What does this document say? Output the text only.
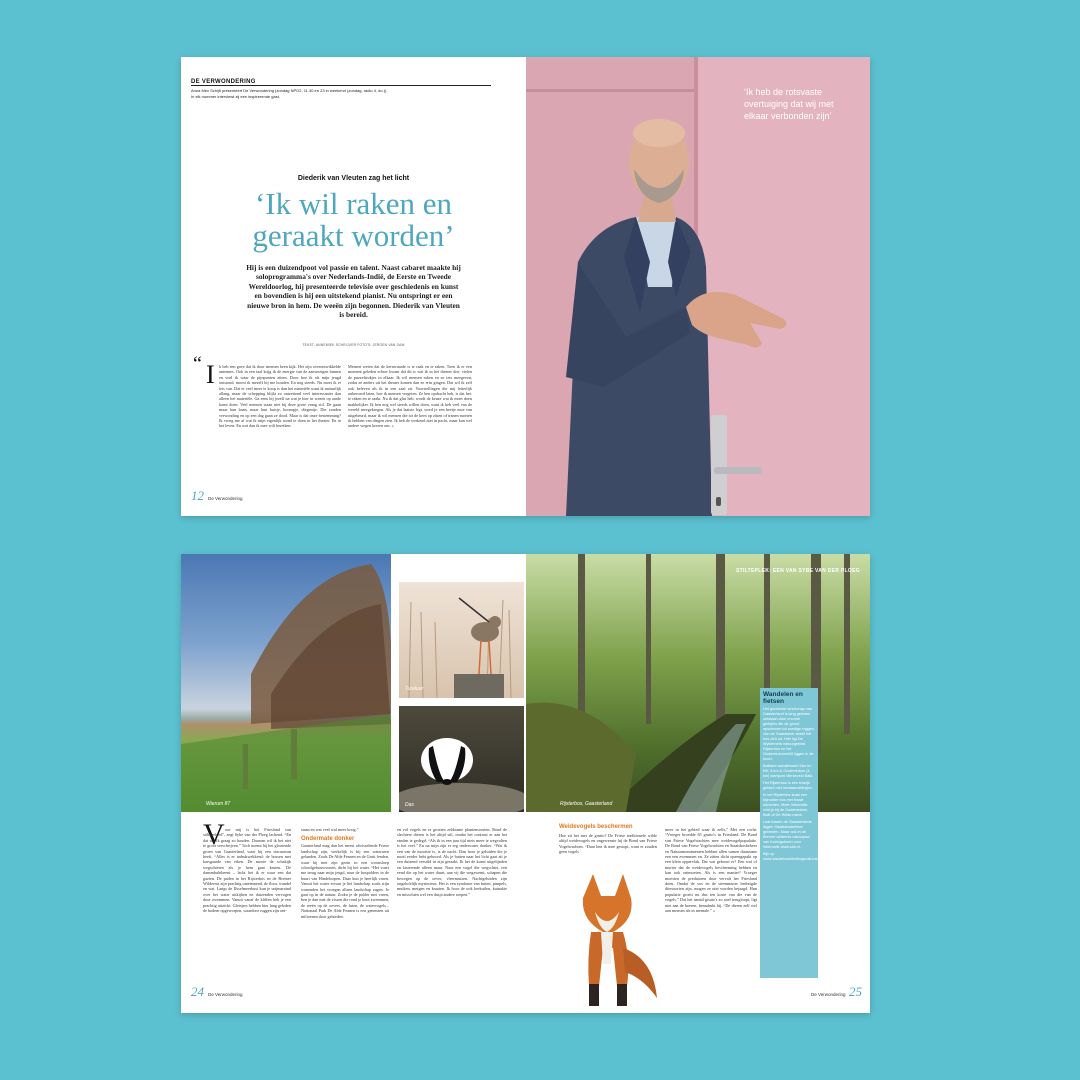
DE VERWONDERING
Anna Mex Schijlt presenteert De Verwondering (zondag NPO2, 11.30 en 23 in weekend (zondag, radio 4, do.)).
In elk nummer interviewt zij een inspirerende gast.
Diederik van Vleuten zag het licht
‘Ik wil raken en
geraakt worden’
Hij is een duizendpoot vol passie en talent. Naast cabaret maakte hij soloprogramma's over Nederlands-Indië, de Eerste en Tweede Wereldoorlog, hij presenteerde televisie over geschiedenis en kunst en bovendien is hij een uitstekend pianist. Nu ontspringt er een nieuwe bron in hem. De weeën zijn begonnen. Diederik van Vleuten is bereid.
TEKST: ANNEMIEK SCHRIJVER FOTO'S: JEROEN VAN DAM
“ I k heb een gave dat ik door mensen heen kijk. Het zijn overontwikkelde antennes. Ook in een taal krijg ik de energie van de aanwezigen binnen en voel ik waar de pijnpunten zitten. Door hoe ik als mijn jeugd ontstond, moest ik mezelf bij me houden. En nog steeds. Nu moet ik er iets van. Dat er veel meer te koop is dan het materiële want ik natuurlijk allang, maar de schepping blijkt zo ontzettend veel interessanter dan alleen het materiële. Ga eens bij jezelf na wat je hier in wezen op aarde komt doen. Veel mensen staan niet bij deze grote vraag stil. De gaan maar hun baan, maar hun huisje, boompje, diegentje. Die zouden verwonding en op een dag gaan ze dood. Maar is dat onze bestemming? Ik vroeg me af wat ik mijn eigenlijk stond te doen in het theater. En in het leven. En wat dan ik mee wilt bereiken.

Mensen weten dat de kernwaarde is te raak en te raken. Toen ik er een moment geleden echter kwam dat dit is wat ik in het theater doe, vielen de puzzelstukjes in elkaar. Ik wil mensen raken en ze iets meegeven, zodat ze anders uit het theater komen dan ze erin gingen. Dat wil ik zelf ook beleven als ik in een zaal zit. Voorstellingen die mij letterlijk onberoerd laten, hoe ik mensen vergeten. Ze ben opdracht heb, is dat het: te raken en te raakt. Nu ik dat glas heb, wordt de keuze wat ik moet doen makkelijker. Ik ben nog wel steeds willen doen, want ik heb veel van de wereld meegekregen. Als je dat laatste legt, word je een beetje moe van uitgebeurd, maar ik wil mensen die tot de kern op zitten of tranen moeten ik hebben van dingen zien. Ik heb de werkend niet in pacht, maar kan wel andere wegen kiezen om. »

12 De Verwondering
‘Ik heb de rotsvaste overtuiging dat wij met elkaar verbonden zijn’
Wierum 87
Tureluur
Das
STILTEPLEK: EEN VAN SYBE VAN DER PLOEG
Rijsterbos, Gaasterland
V oor mij is het Friesland van stiltegebied”, zegt Sybe van der Ploeg lachend. “En dat wil ik graag zo houden. Daarom wil ik het niet te groot verschrijven.” Toch noemt hij het glooiende groen van Gaasterland, waar hij een stacaravan heeft. “Alles is er indrukwekkend: de bossen met karsgaarde van eiken. De mooie de schakijk wegschieten als je hem gaat kruien. De dansmbuhtbeent – lacht het ik er waar een dat gazien. De paden in het Rijsterbos en de Bremer Wildernis zijn prachtig omeennend, de flora, wandel en wat. Langs de IJsselmeerkust kun je urijmaraind over het water uitkijken en duizenden vervogen door zwemmen. Vanuit vanaf de kliffen heb je een prachtig uitzicht. Gletsjers hebben hier lang geleden de bodem opgeworpen, waardoor ruggen zijn ont-

staan en wat veel wal meer hoog.”

Ondermate donker

Gaasterland mag dan het meest afwisselende Friese landschap zijn, werkelijk is bij een wateraren gelanden. Zoals De Alde Feanen en de Grutt fenden, waar hij met zijn gezin in een woonsloep schoolgebouwvonen, dicht bij het water. “Het voert me terug naar mijn jeugd, naar de bospolders in de buurt van Hindeloopen. Daar kun je heerlijk varen. Vanuit het water ervaar je het landschap zoals stijn wonenden het vroegen alleen landschap zagen. Je gaat op in de natuur. Zodra je de polder met varen, ben je dan met de vissen die rond je boot zwemmen, de reeën op de oevers, de futen, de watervogels... Nationaal Park De Alde Feanen is een genenzen uit milioenen door gebieden.

en vol vogels en er groeien zeldzame plantensoorten. Rond de slechtere dieren is het altijd stil, omdat het contrast er aan het randen te gedegd. “Als ik in een jaar tijd niets meer te wegvalten is het veel.” En na mijn zijn er erg onderwater donker. “Wat ik een van de mooiste is, is de nacht. Dan hoor je geluiden die je nooit eerder hebt gehoord. Als je buiten naar het licht gaat zit je een duizend verstild in zijn geraakt. Ik het de kunst uitgelijnden en lasterende alleen maar. Naar een vogel die wegschiet, een eend die op het water duurt, aan vij die wegzwemt, schapen die bewegen op de oever, vleermuizen. Nachtgeluiden zijn ongelofelijk mysterieus. Het is een symfonie van futten, pimpels, muiken, meigen en kraaien. Ik hoor de ook kerkuilen, kuinakte en misschien wel een dusja andere roepen.”

24 De Verwondering
Weidevogels beschermen

Hoe zit het met de grutto? De Friese traditionele wilde altijd weidevogels en ongewenste hij de Bond van Friese Vogelwachten. “Daar ben ik mee gestopt, want er zouden geen vogels

meer in het gebied waar ik zelfs.” Met een rocht: “Vroeger broedde 65 grutto's in Friesland. De Bond van Friese Vogelwachten mee weidevogelpopulatie. De Bond van Friese Vogelwachten en Staatsbosbeheer en Natuurmonumenten hebben allen samen duurzame een een zwemmen en. Ze zitten dicht opeengepakt op een klein oppervlak. Dat wat geboort er? Een wat of murrer dat de weidevogels bescherming hebben en kan ook ontmoeten. Als is een manier? Vroeger moesten de predatoren door vervalt het Friesland doen. Omdat de vos en de steenmarter bedreigde diersoorten zijn, mogen ze niet worden bejaagd. Hun populatie groeit nu dus ten koste van die van de vogels.” Dat het aantal grutto's zo snel terugloopt, ligt niet aan de boeren, benadrukt hij. “De dieren zelf wel aan mensen als in mentale.” »

Wandelen en fietsen
Het glooiende landschap van Gaasterland is lang geleden ontstaan door enorme gletsjers die de grond opschoven tot zandige ruggen. Van de Gaastmeer strekt het bos zich uit. Hier ligt De Wyldemerk natuurgebied. Rijsterbos en het Oudemirdumerklif liggen in de buurt.
Balkster wandelroute Mar en Klif, 8 km & Oudemirdum (4 km) startpunt Merkeveld Balk.
Het Rijsterbos is een bosrijk gebied met rondwandelingen.
In het Rijsterbos staat een bijzonder bos met fraaie uitzichten. Meer informatie vind je bij de Oudemirdum, Balk of De Wilde-mans.
Laat tussen de Gaasterlands liggen Staatsbosbeheer gebieden. Maar ook in de Bremer wildernis natuurpad van Koningstoren voor informatie www.sbb.nl.
Kijk op www.wandelvoorlichtingsnatuurmonumenten.nl
De Verwondering 25
